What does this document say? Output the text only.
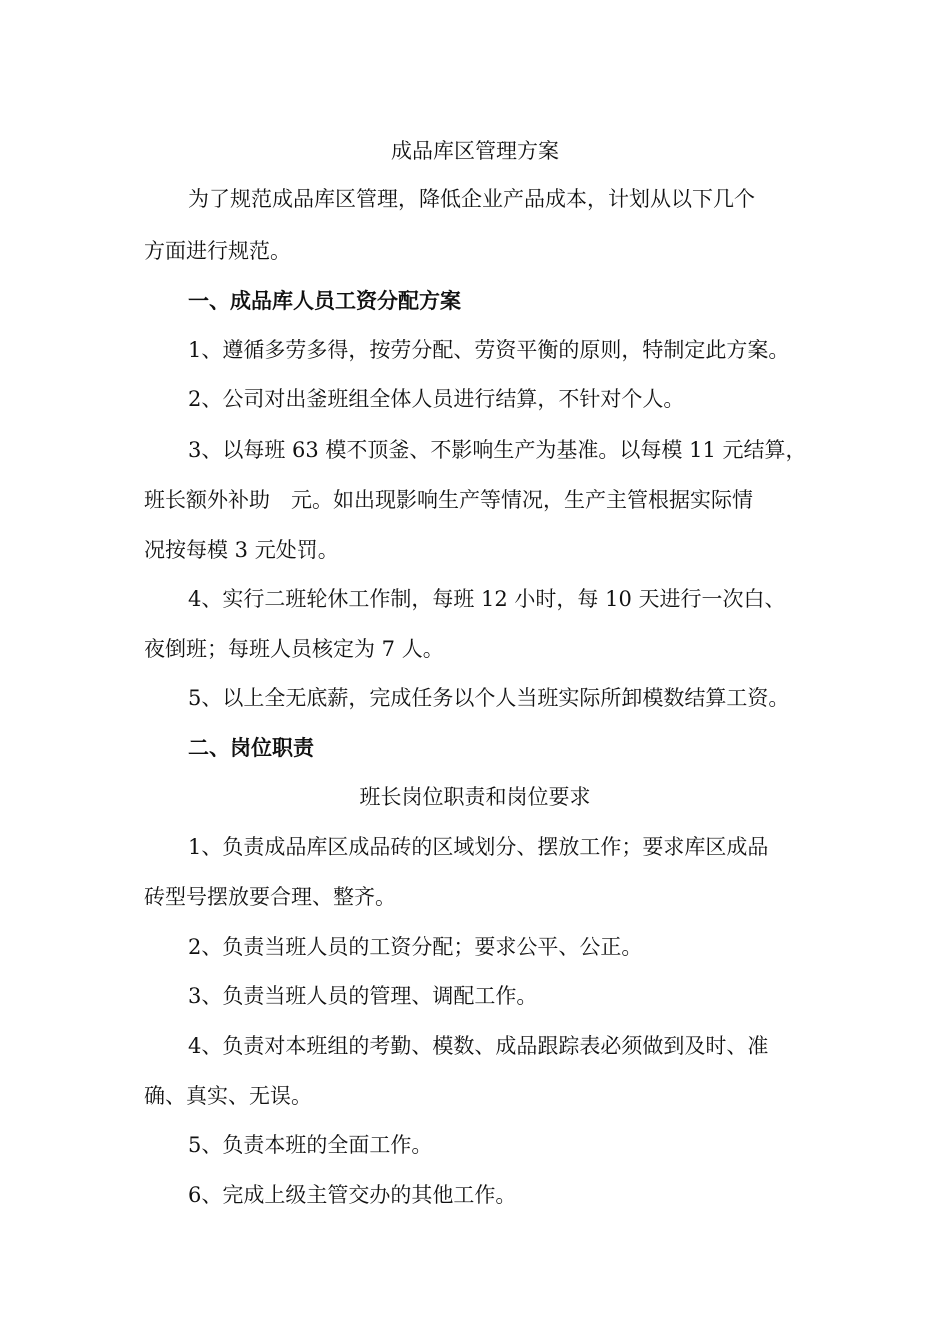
成品库区管理方案
为了规范成品库区管理，降低企业产品成本，计划从以下几个
方面进行规范。
一、成品库人员工资分配方案
1、遵循多劳多得，按劳分配、劳资平衡的原则，特制定此方案。
2、公司对出釜班组全体人员进行结算，不针对个人。
3、以每班 63 模不顶釜、不影响生产为基准。以每模 11 元结算，
班长额外补助　元。如出现影响生产等情况，生产主管根据实际情
况按每模 3 元处罚。
4、实行二班轮休工作制，每班 12 小时，每 10 天进行一次白、
夜倒班；每班人员核定为 7 人。
5、以上全无底薪，完成任务以个人当班实际所卸模数结算工资。
二、岗位职责
班长岗位职责和岗位要求
1、负责成品库区成品砖的区域划分、摆放工作；要求库区成品
砖型号摆放要合理、整齐。
2、负责当班人员的工资分配；要求公平、公正。
3、负责当班人员的管理、调配工作。
4、负责对本班组的考勤、模数、成品跟踪表必须做到及时、准
确、真实、无误。
5、负责本班的全面工作。
6、完成上级主管交办的其他工作。
